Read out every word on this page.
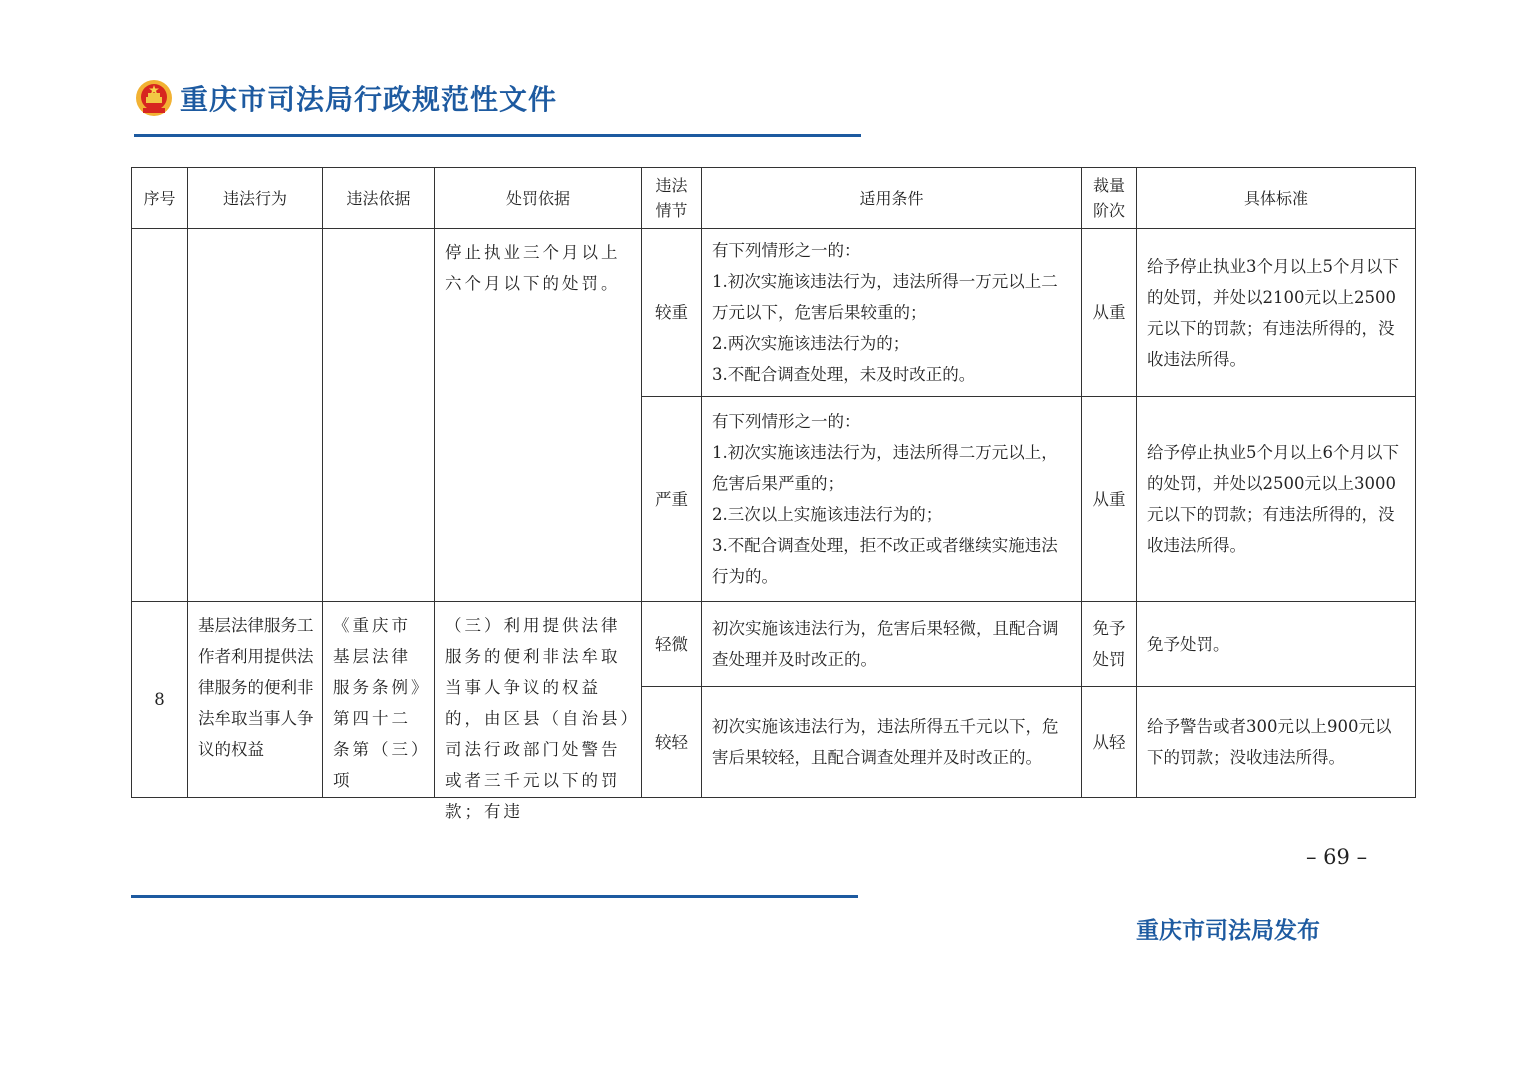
重庆市司法局行政规范性文件
序号	违法行为	违法依据	处罚依据	违法
情节	适用条件	裁量
阶次	具体标准
			停止执业三个月以上六个月以下的处罚。	较重	有下列情形之一的：
1.初次实施该违法行为，违法所得一万元以上二万元以下，危害后果较重的；
2.两次实施该违法行为的；
3.不配合调查处理，未及时改正的。	从重	给予停止执业3个月以上5个月以下的处罚，并处以2100元以上2500元以下的罚款；有违法所得的，没收违法所得。
				严重	有下列情形之一的：
1.初次实施该违法行为，违法所得二万元以上，危害后果严重的；
2.三次以上实施该违法行为的；
3.不配合调查处理，拒不改正或者继续实施违法行为的。	从重	给予停止执业5个月以上6个月以下的处罚，并处以2500元以上3000元以下的罚款；有违法所得的，没收违法所得。
8	基层法律服务工作者利用提供法律服务的便利非法牟取当事人争议的权益	《重庆市基层法律服务条例》第四十二条第（三）项	（三）利用提供法律服务的便利非法牟取当事人争议的权益的，由区县（自治县）司法行政部门处警告或者三千元以下的罚款；有违	轻微	初次实施该违法行为，危害后果轻微，且配合调查处理并及时改正的。	免予
处罚	免予处罚。
				较轻	初次实施该违法行为，违法所得五千元以下，危害后果较轻，且配合调查处理并及时改正的。	从轻	给予警告或者300元以上900元以下的罚款；没收违法所得。
– 69 –
重庆市司法局发布
